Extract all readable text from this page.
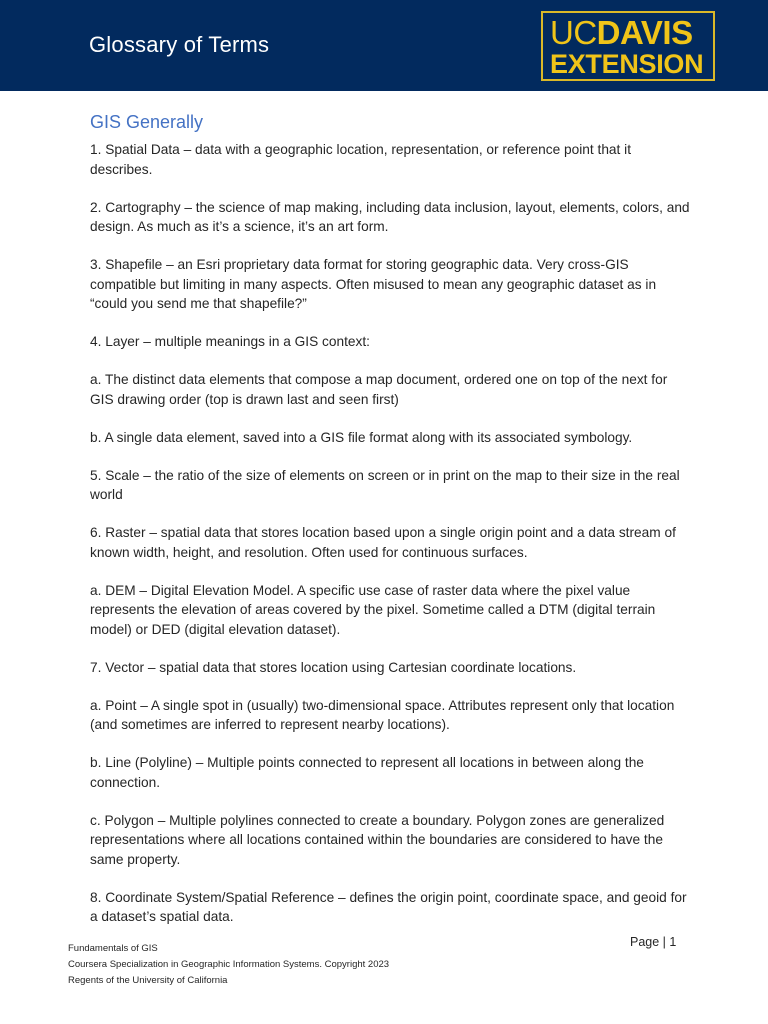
Glossary of Terms	UCDAVIS
EXTENSION
GIS Generally

1. Spatial Data – data with a geographic location, representation, or reference point that it describes.

2. Cartography – the science of map making, including data inclusion, layout, elements, colors, and design. As much as it’s a science, it’s an art form.

3. Shapefile – an Esri proprietary data format for storing geographic data. Very cross-GIS compatible but limiting in many aspects. Often misused to mean any geographic dataset as in “could you send me that shapefile?”

4. Layer – multiple meanings in a GIS context:

a. The distinct data elements that compose a map document, ordered one on top of the next for GIS drawing order (top is drawn last and seen first)

b. A single data element, saved into a GIS file format along with its associated symbology.

5. Scale – the ratio of the size of elements on screen or in print on the map to their size in the real world

6. Raster – spatial data that stores location based upon a single origin point and a data stream of known width, height, and resolution. Often used for continuous surfaces.

a. DEM – Digital Elevation Model. A specific use case of raster data where the pixel value represents the elevation of areas covered by the pixel. Sometime called a DTM (digital terrain model) or DED (digital elevation dataset).

7. Vector – spatial data that stores location using Cartesian coordinate locations.

a. Point – A single spot in (usually) two-dimensional space. Attributes represent only that location (and sometimes are inferred to represent nearby locations).

b. Line (Polyline) – Multiple points connected to represent all locations in between along the connection.

c. Polygon – Multiple polylines connected to create a boundary. Polygon zones are generalized representations where all locations contained within the boundaries are considered to have the same property.

8. Coordinate System/Spatial Reference – defines the origin point, coordinate space, and geoid for a dataset’s spatial data.

Fundamentals of GIS
Coursera Specialization in Geographic Information Systems. Copyright 2023
Regents of the University of California
Page | 1
